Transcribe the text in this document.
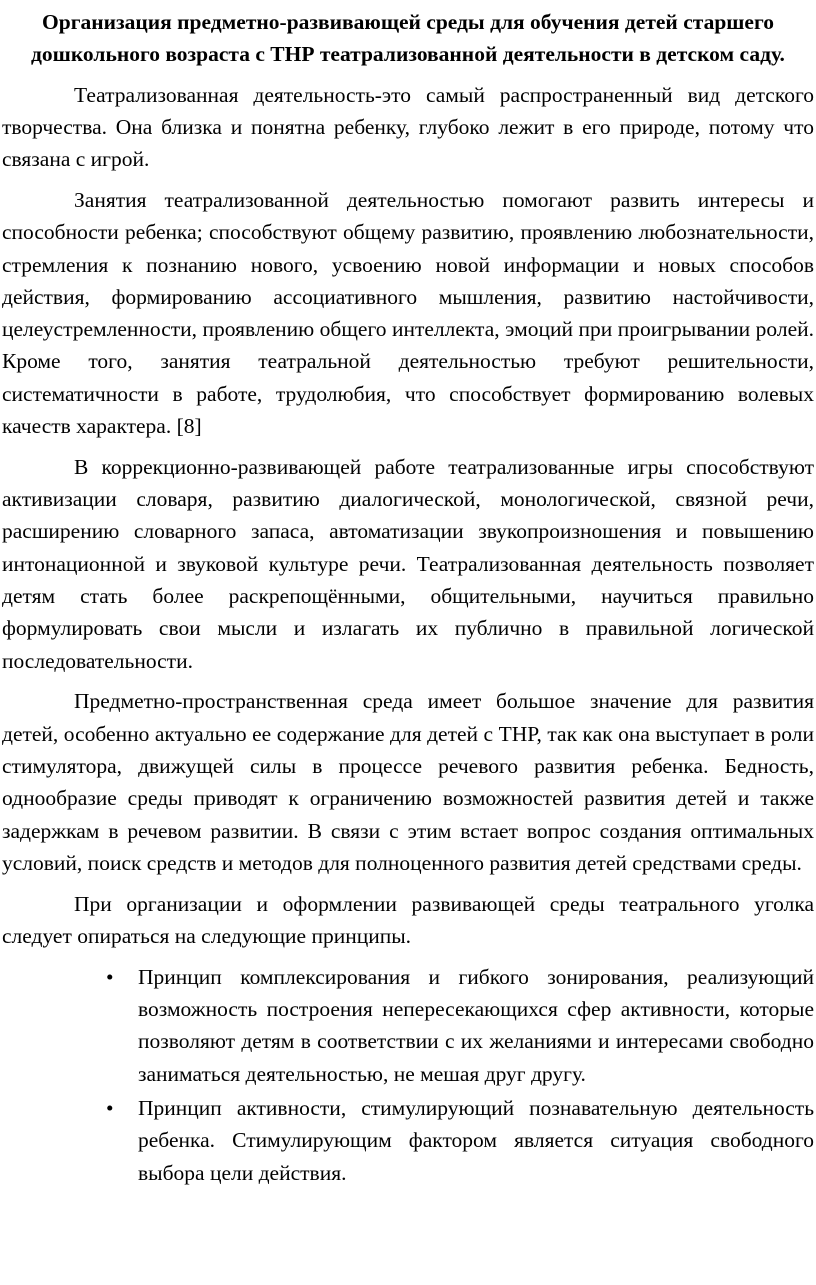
Организация предметно-развивающей среды для обучения детей старшего дошкольного возраста с ТНР театрализованной деятельности в детском саду.

Театрализованная деятельность-это самый распространенный вид детского творчества. Она близка и понятна ребенку, глубоко лежит в его природе, потому что связана с игрой.

Занятия театрализованной деятельностью помогают развить интересы и способности ребенка; способствуют общему развитию, проявлению любознательности, стремления к познанию нового, усвоению новой информации и новых способов действия, формированию ассоциативного мышления, развитию настойчивости, целеустремленности, проявлению общего интеллекта, эмоций при проигрывании ролей. Кроме того, занятия театральной деятельностью требуют решительности, систематичности в работе, трудолюбия, что способствует формированию волевых качеств характера. [8]

В коррекционно-развивающей работе театрализованные игры способствуют активизации словаря, развитию диалогической, монологической, связной речи, расширению словарного запаса, автоматизации звукопроизношения и повышению интонационной и звуковой культуре речи. Театрализованная деятельность позволяет детям стать более раскрепощёнными, общительными, научиться правильно формулировать свои мысли и излагать их публично в правильной логической последовательности.

Предметно-пространственная среда имеет большое значение для развития детей, особенно актуально ее содержание для детей с ТНР, так как она выступает в роли стимулятора, движущей силы в процессе речевого развития ребенка. Бедность, однообразие среды приводят к ограничению возможностей развития детей и также задержкам в речевом развитии. В связи с этим встает вопрос создания оптимальных условий, поиск средств и методов для полноценного развития детей средствами среды.

При организации и оформлении развивающей среды театрального уголка следует опираться на следующие принципы.

• Принцип комплексирования и гибкого зонирования, реализующий возможность построения непересекающихся сфер активности, которые позволяют детям в соответствии с их желаниями и интересами свободно заниматься деятельностью, не мешая друг другу.
• Принцип активности, стимулирующий познавательную деятельность ребенка. Стимулирующим фактором является ситуация свободного выбора цели действия.
